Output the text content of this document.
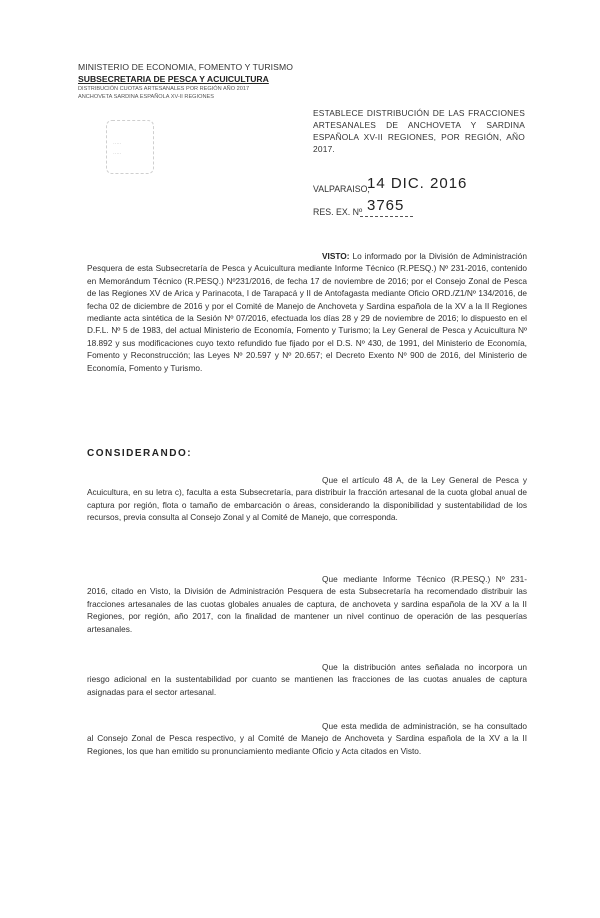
MINISTERIO DE ECONOMIA, FOMENTO Y TURISMO
SUBSECRETARIA DE PESCA Y ACUICULTURA
DISTRIBUCIÓN CUOTAS ARTESANALES POR REGIÓN AÑO 2017
ANCHOVETA SARDINA ESPAÑOLA XV-II REGIONES
·····
·····
ESTABLECE DISTRIBUCIÓN DE LAS FRACCIONES ARTESANALES DE ANCHOVETA Y SARDINA ESPAÑOLA XV-II REGIONES, POR REGIÓN, AÑO 2017.
VALPARAISO,
14 DIC. 2016
RES. EX. Nº 3765
VISTO: Lo informado por la División de Administración Pesquera de esta Subsecretaría de Pesca y Acuicultura mediante Informe Técnico (R.PESQ.) Nº 231-2016, contenido en Memorándum Técnico (R.PESQ.) Nº231/2016, de fecha 17 de noviembre de 2016; por el Consejo Zonal de Pesca de las Regiones XV de Arica y Parinacota, I de Tarapacá y II de Antofagasta mediante Oficio ORD./Z1/Nº 134/2016, de fecha 02 de diciembre de 2016 y por el Comité de Manejo de Anchoveta y Sardina española de la XV a la II Regiones mediante acta sintética de la Sesión Nº 07/2016, efectuada los días 28 y 29 de noviembre de 2016; lo dispuesto en el D.F.L. Nº 5 de 1983, del actual Ministerio de Economía, Fomento y Turismo; la Ley General de Pesca y Acuicultura Nº 18.892 y sus modificaciones cuyo texto refundido fue fijado por el D.S. Nº 430, de 1991, del Ministerio de Economía, Fomento y Reconstrucción; las Leyes Nº 20.597 y Nº 20.657; el Decreto Exento Nº 900 de 2016, del Ministerio de Economía, Fomento y Turismo.
CONSIDERANDO:
Que el artículo 48 A, de la Ley General de Pesca y Acuicultura, en su letra c), faculta a esta Subsecretaría, para distribuir la fracción artesanal de la cuota global anual de captura por región, flota o tamaño de embarcación o áreas, considerando la disponibilidad y sustentabilidad de los recursos, previa consulta al Consejo Zonal y al Comité de Manejo, que corresponda.
Que mediante Informe Técnico (R.PESQ.) Nº 231-2016, citado en Visto, la División de Administración Pesquera de esta Subsecretaría ha recomendado distribuir las fracciones artesanales de las cuotas globales anuales de captura, de anchoveta y sardina española de la XV a la II Regiones, por región, año 2017, con la finalidad de mantener un nivel continuo de operación de las pesquerías artesanales.
Que la distribución antes señalada no incorpora un riesgo adicional en la sustentabilidad por cuanto se mantienen las fracciones de las cuotas anuales de captura asignadas para el sector artesanal.
Que esta medida de administración, se ha consultado al Consejo Zonal de Pesca respectivo, y al Comité de Manejo de Anchoveta y Sardina española de la XV a la II Regiones, los que han emitido su pronunciamiento mediante Oficio y Acta citados en Visto.
